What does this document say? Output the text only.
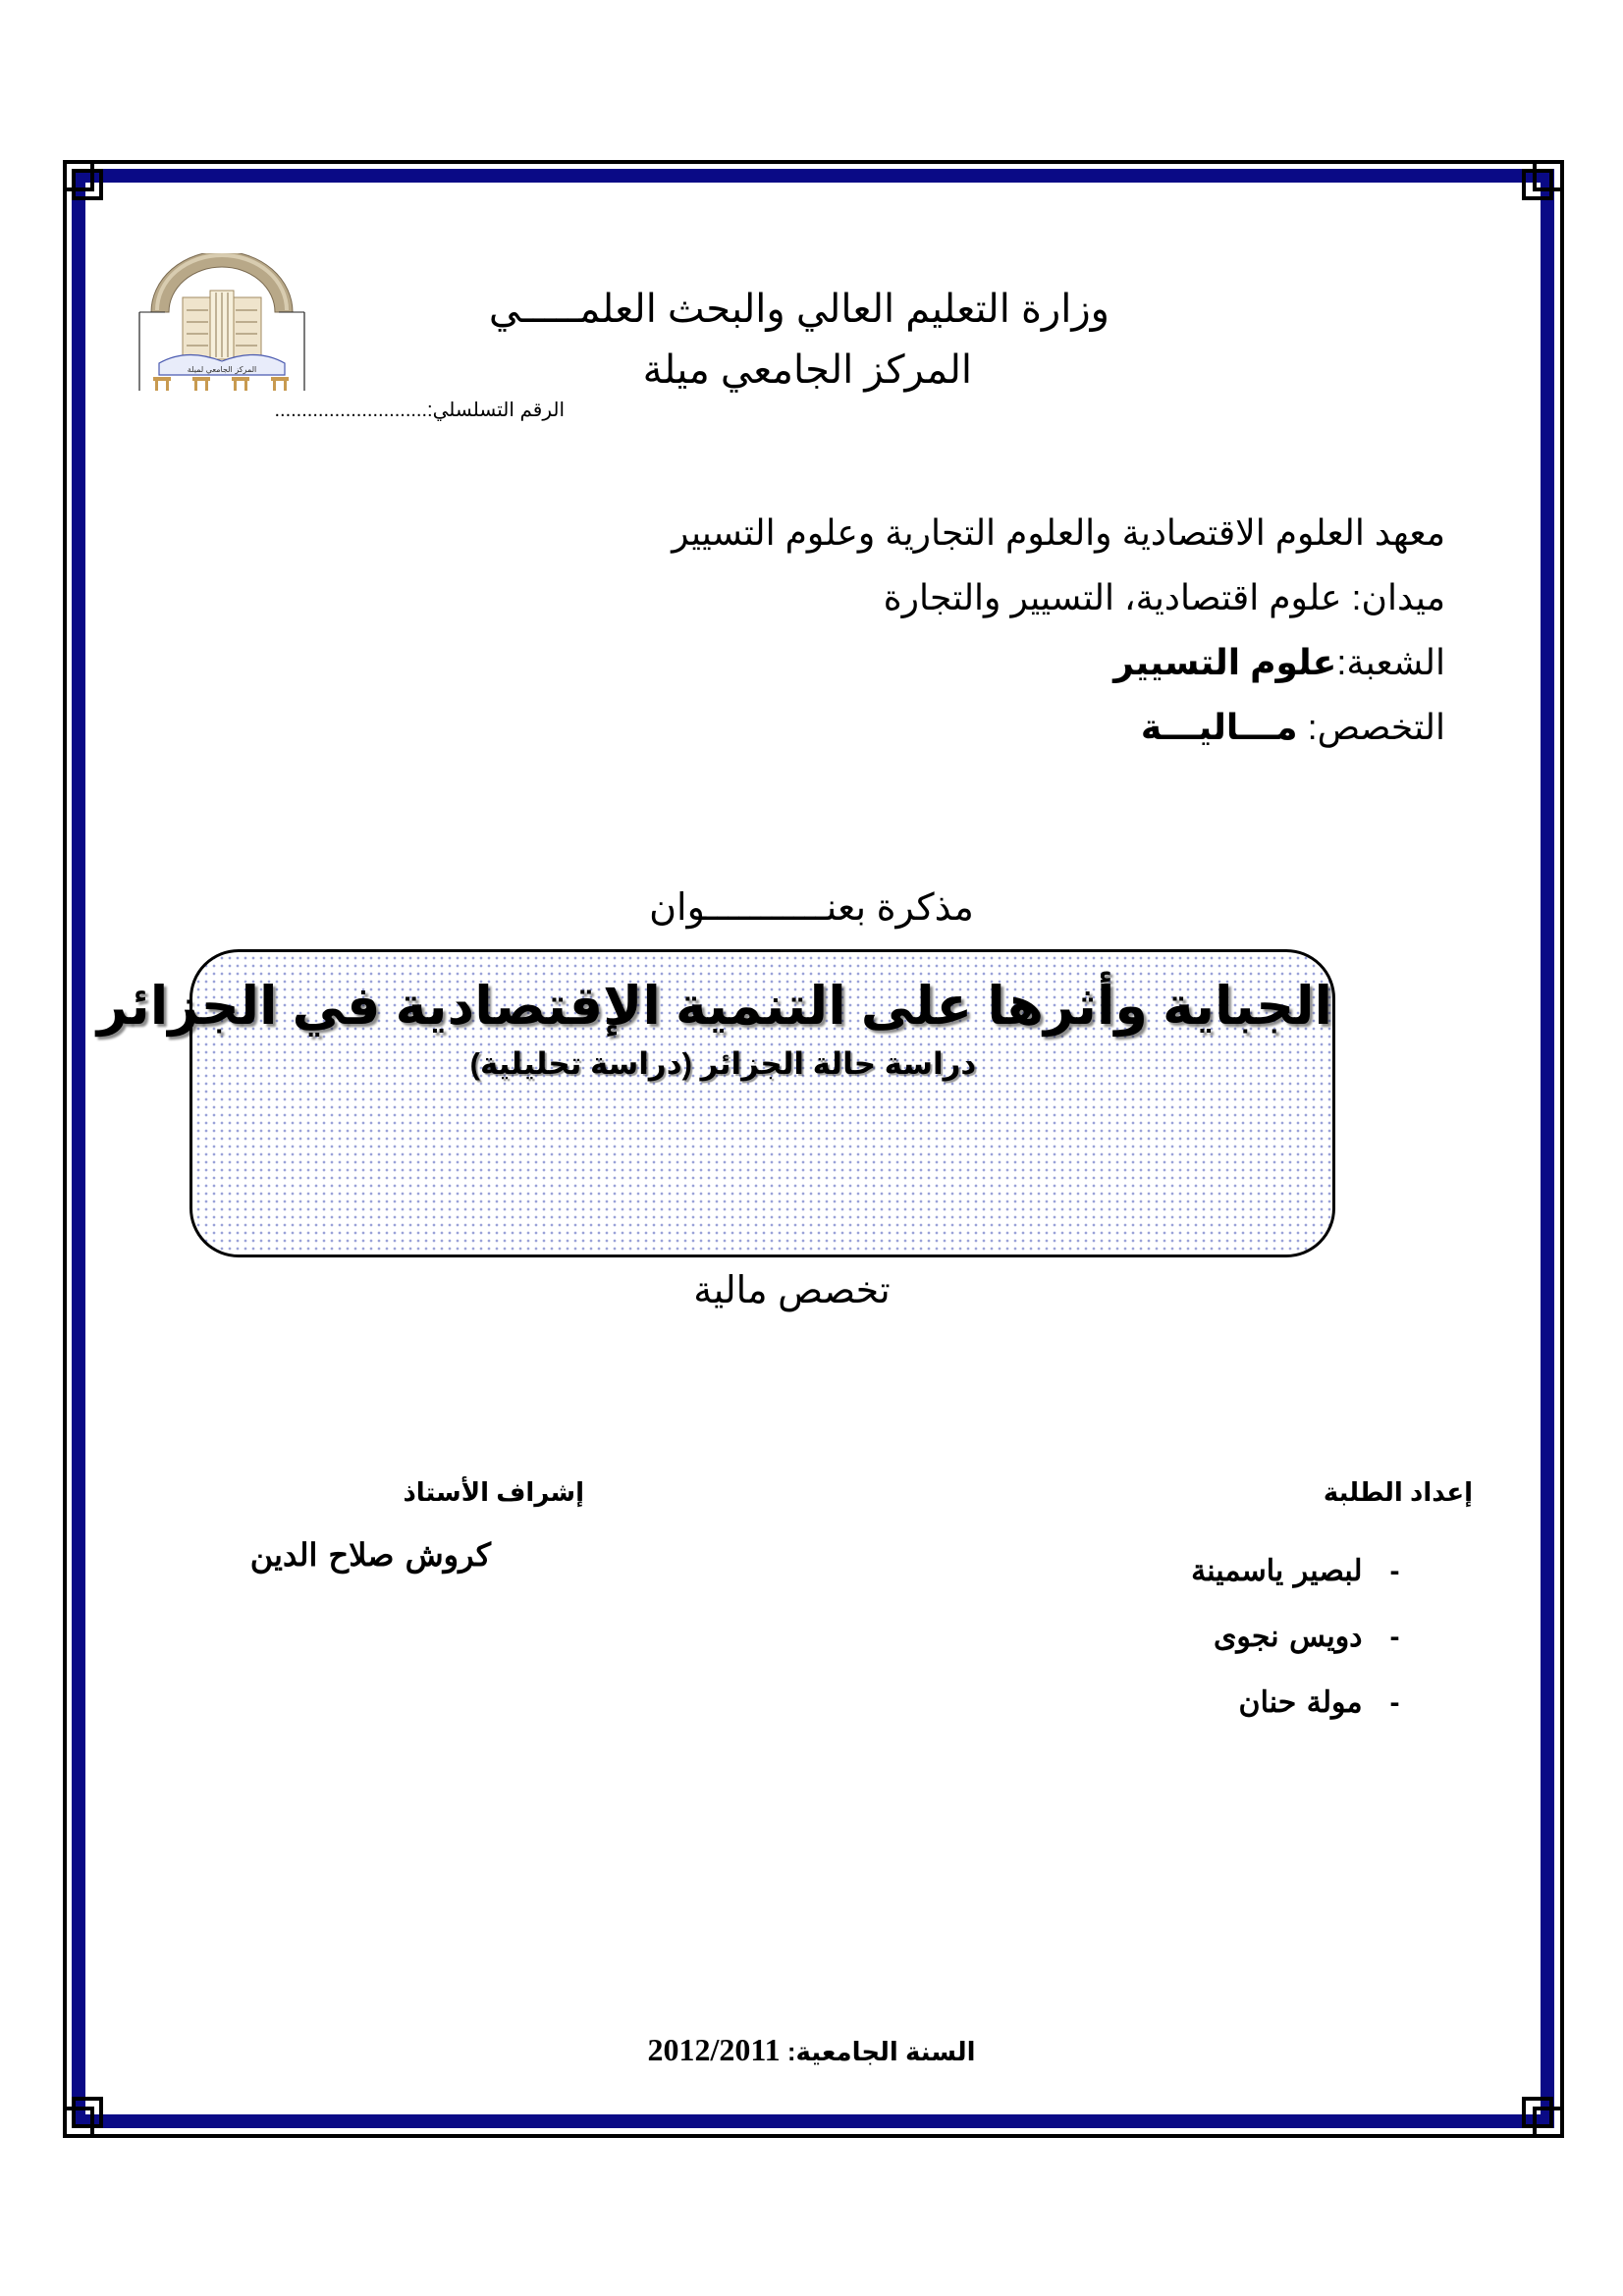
المركز الجامعي لميلة
وزارة التعليم العالي والبحث العلمـــــي
المركز الجامعي ميلة
الرقم التسلسلي:............................
معهد العلوم الاقتصادية والعلوم التجارية وعلوم التسيير
ميدان: علوم اقتصادية، التسيير والتجارة
الشعبة:علوم التسيير
التخصص: مـــاليـــة
مذكرة بعنـــــــــــوان
الجباية وأثرها على التنمية الإقتصادية في الجزائر
دراسة حالة الجزائر (دراسة تحليلية)
تخصص مالية
إشراف الأستاذ
كروش صلاح الدين
إعداد الطلبة
- لبصير ياسمينة
- دويس نجوى
- مولة حنان
السنة الجامعية: 2012/2011
